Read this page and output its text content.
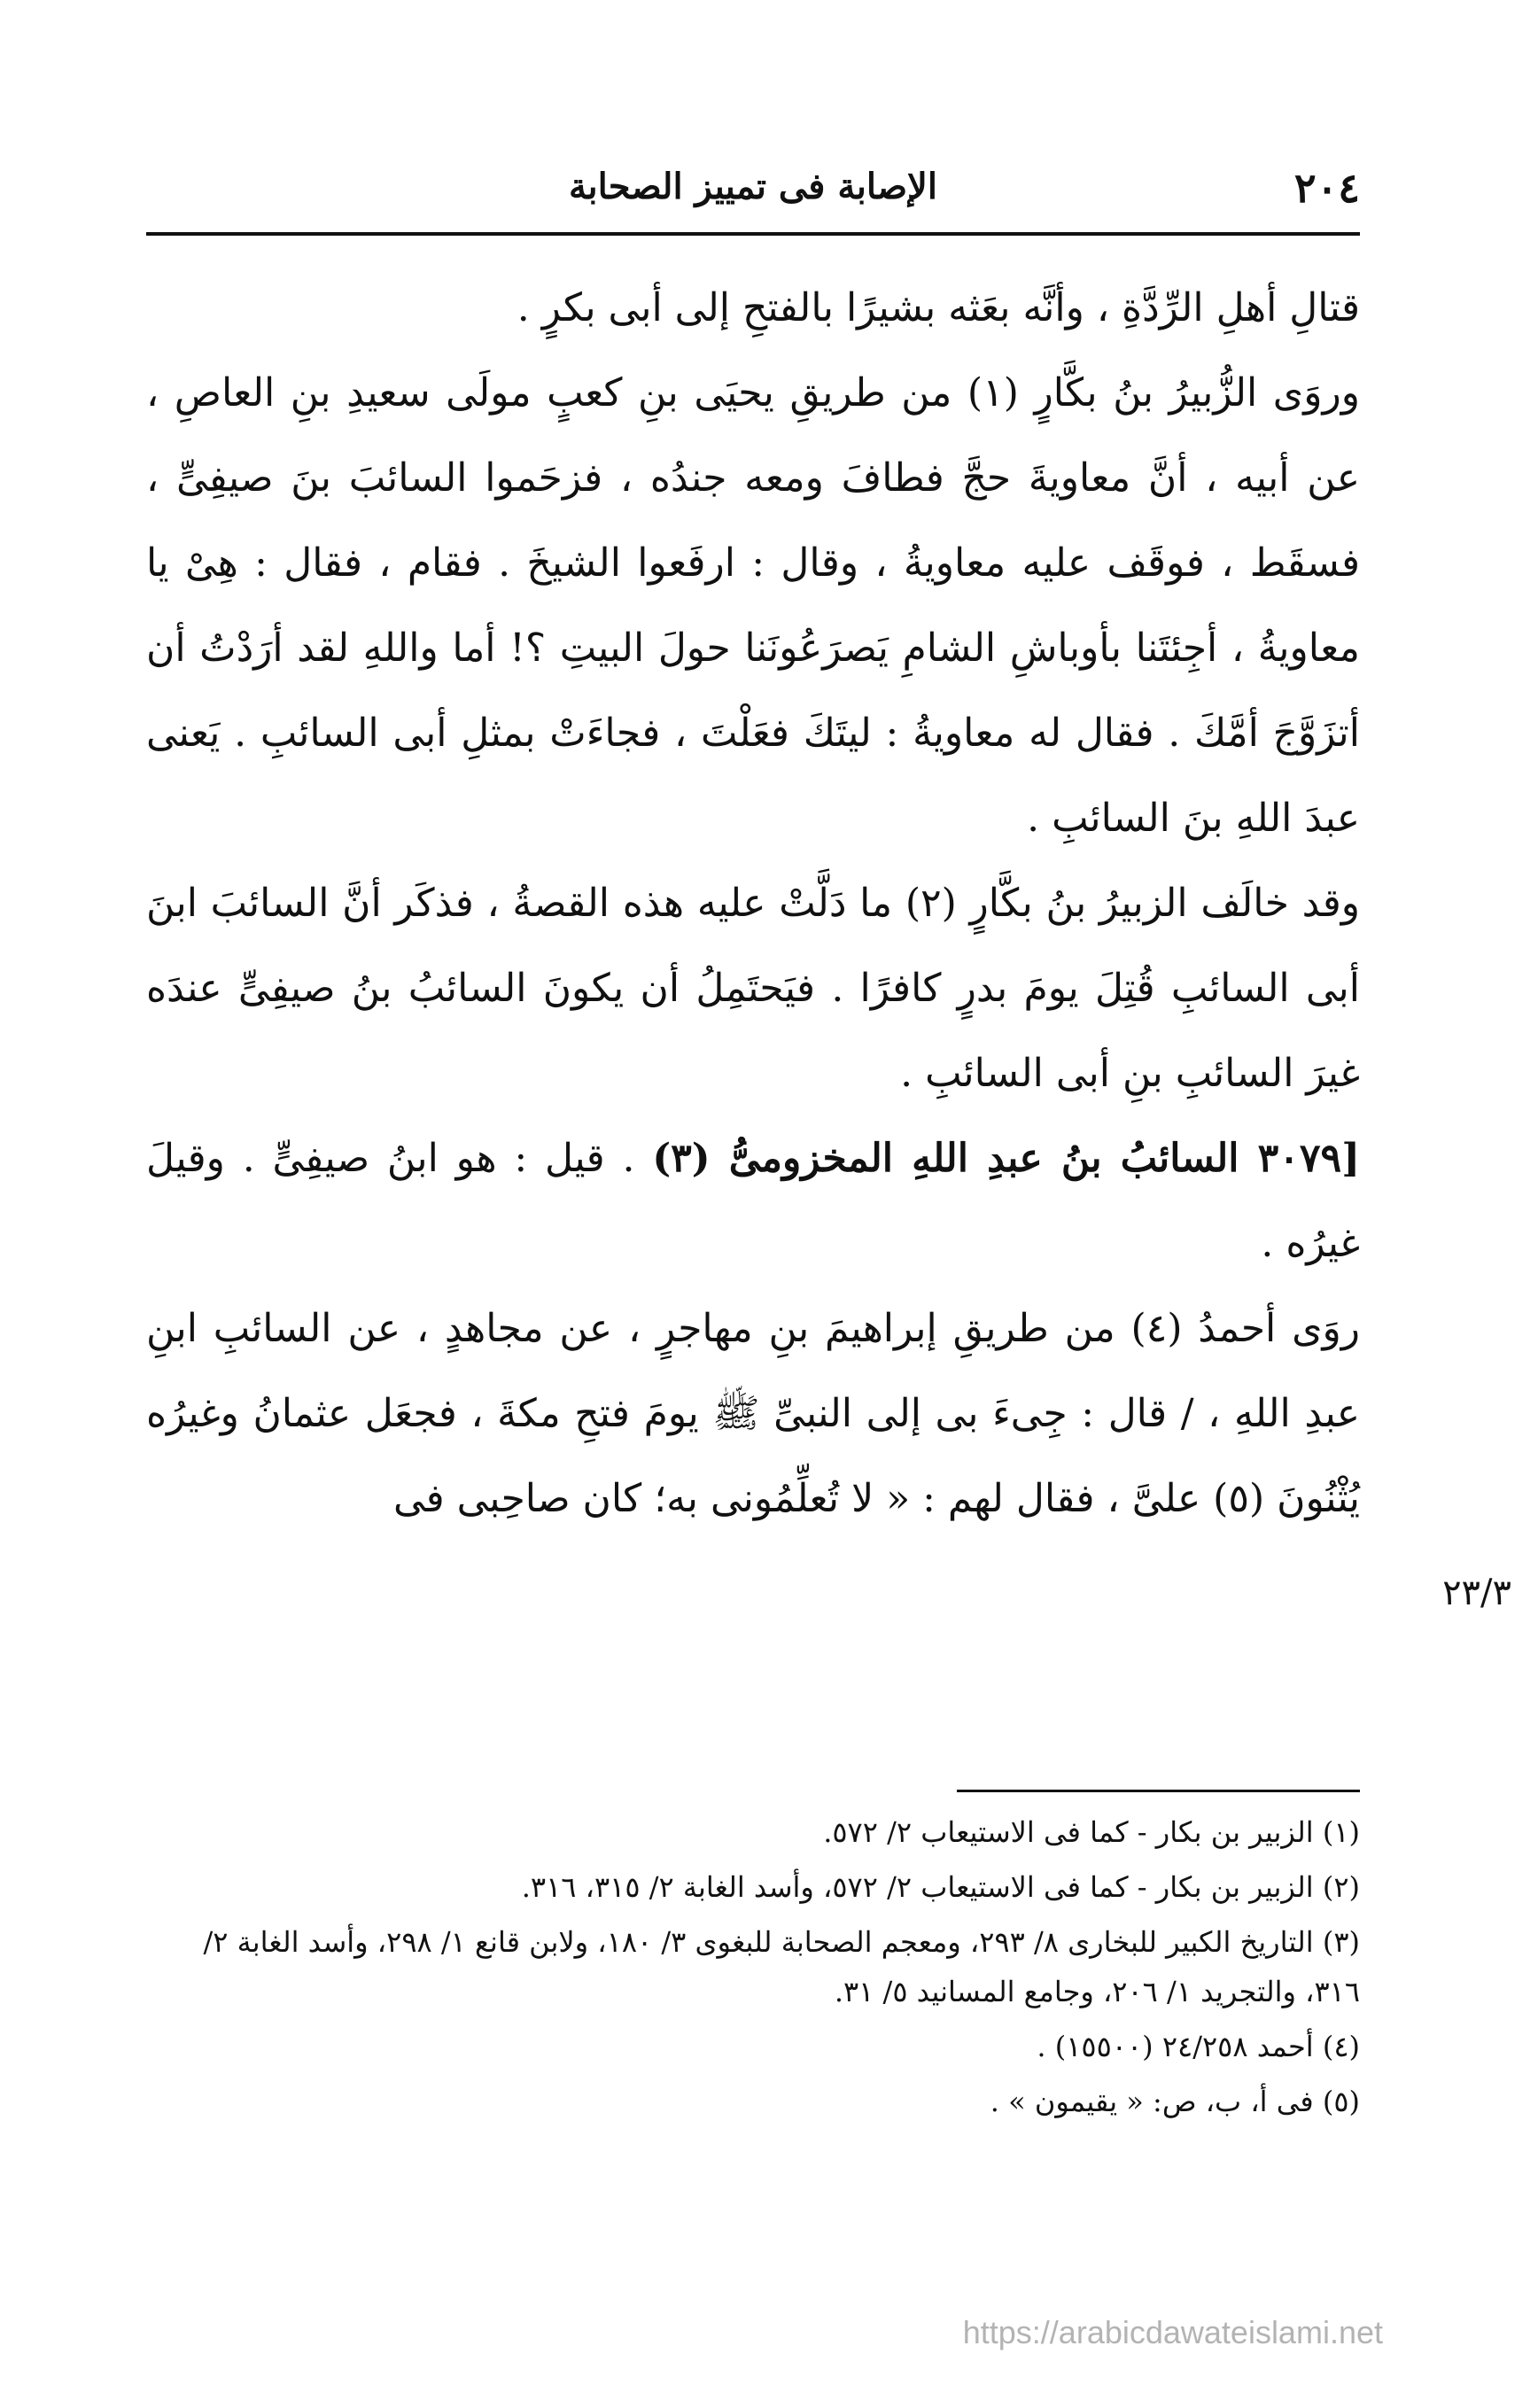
٢٠٤
الإصابة فى تمييز الصحابة

قتالِ أهلِ الرِّدَّةِ ، وأنَّه بعَثه بشيرًا بالفتحِ إلى أبى بكرٍ .

وروَى الزُّبيرُ بنُ بكَّارٍ (١) من طريقِ يحيَى بنِ كعبٍ مولَى سعيدِ بنِ العاصِ ، عن أبيه ، أنَّ معاويةَ حجَّ فطافَ ومعه جندُه ، فزحَموا السائبَ بنَ صيفِىٍّ ، فسقَط ، فوقَف عليه معاويةُ ، وقال : ارفَعوا الشيخَ . فقام ، فقال : هِىْ يا معاويةُ ، أجِئتَنا بأوباشِ الشامِ يَصرَعُونَنا حولَ البيتِ ؟! أما واللهِ لقد أرَدْتُ أن أتزَوَّجَ أمَّكَ . فقال له معاويةُ : ليتَكَ فعَلْتَ ، فجاءَتْ بمثلِ أبى السائبِ . يَعنى عبدَ اللهِ بنَ السائبِ .

وقد خالَف الزبيرُ بنُ بكَّارٍ (٢) ما دَلَّتْ عليه هذه القصةُ ، فذكَر أنَّ السائبَ ابنَ أبى السائبِ قُتِلَ يومَ بدرٍ كافرًا . فيَحتَمِلُ أن يكونَ السائبُ بنُ صيفِىٍّ عندَه غيرَ السائبِ بنِ أبى السائبِ .

[٣٠٧٩ السائبُ بنُ عبدِ اللهِ المخزومىُّ (٣) . قيل : هو ابنُ صيفِىٍّ . وقيلَ غيرُه .

روَى أحمدُ (٤) من طريقِ إبراهيمَ بنِ مهاجرٍ ، عن مجاهدٍ ، عن السائبِ ابنِ عبدِ اللهِ ، / قال : جِىءَ بى إلى النبىِّ ﷺ يومَ فتحِ مكةَ ، فجعَل عثمانُ وغيرُه يُثْنُونَ (٥) علىَّ ، فقال لهم : « لا تُعلِّمُونى به؛ كان صاحِبى فى

٢٣/٣

(١) الزبير بن بكار - كما فى الاستيعاب ٢/ ٥٧٢.

(٢) الزبير بن بكار - كما فى الاستيعاب ٢/ ٥٧٢، وأسد الغابة ٢/ ٣١٥، ٣١٦.

(٣) التاريخ الكبير للبخارى ٨/ ٢٩٣، ومعجم الصحابة للبغوى ٣/ ١٨٠، ولابن قانع ١/ ٢٩٨، وأسد الغابة ٢/ ٣١٦، والتجريد ١/ ٢٠٦، وجامع المسانيد ٥/ ٣١.

(٤) أحمد ٢٤/٢٥٨ (١٥٥٠٠) .

(٥) فى أ، ب، ص: « يقيمون » .

https://arabicdawateislami.net
